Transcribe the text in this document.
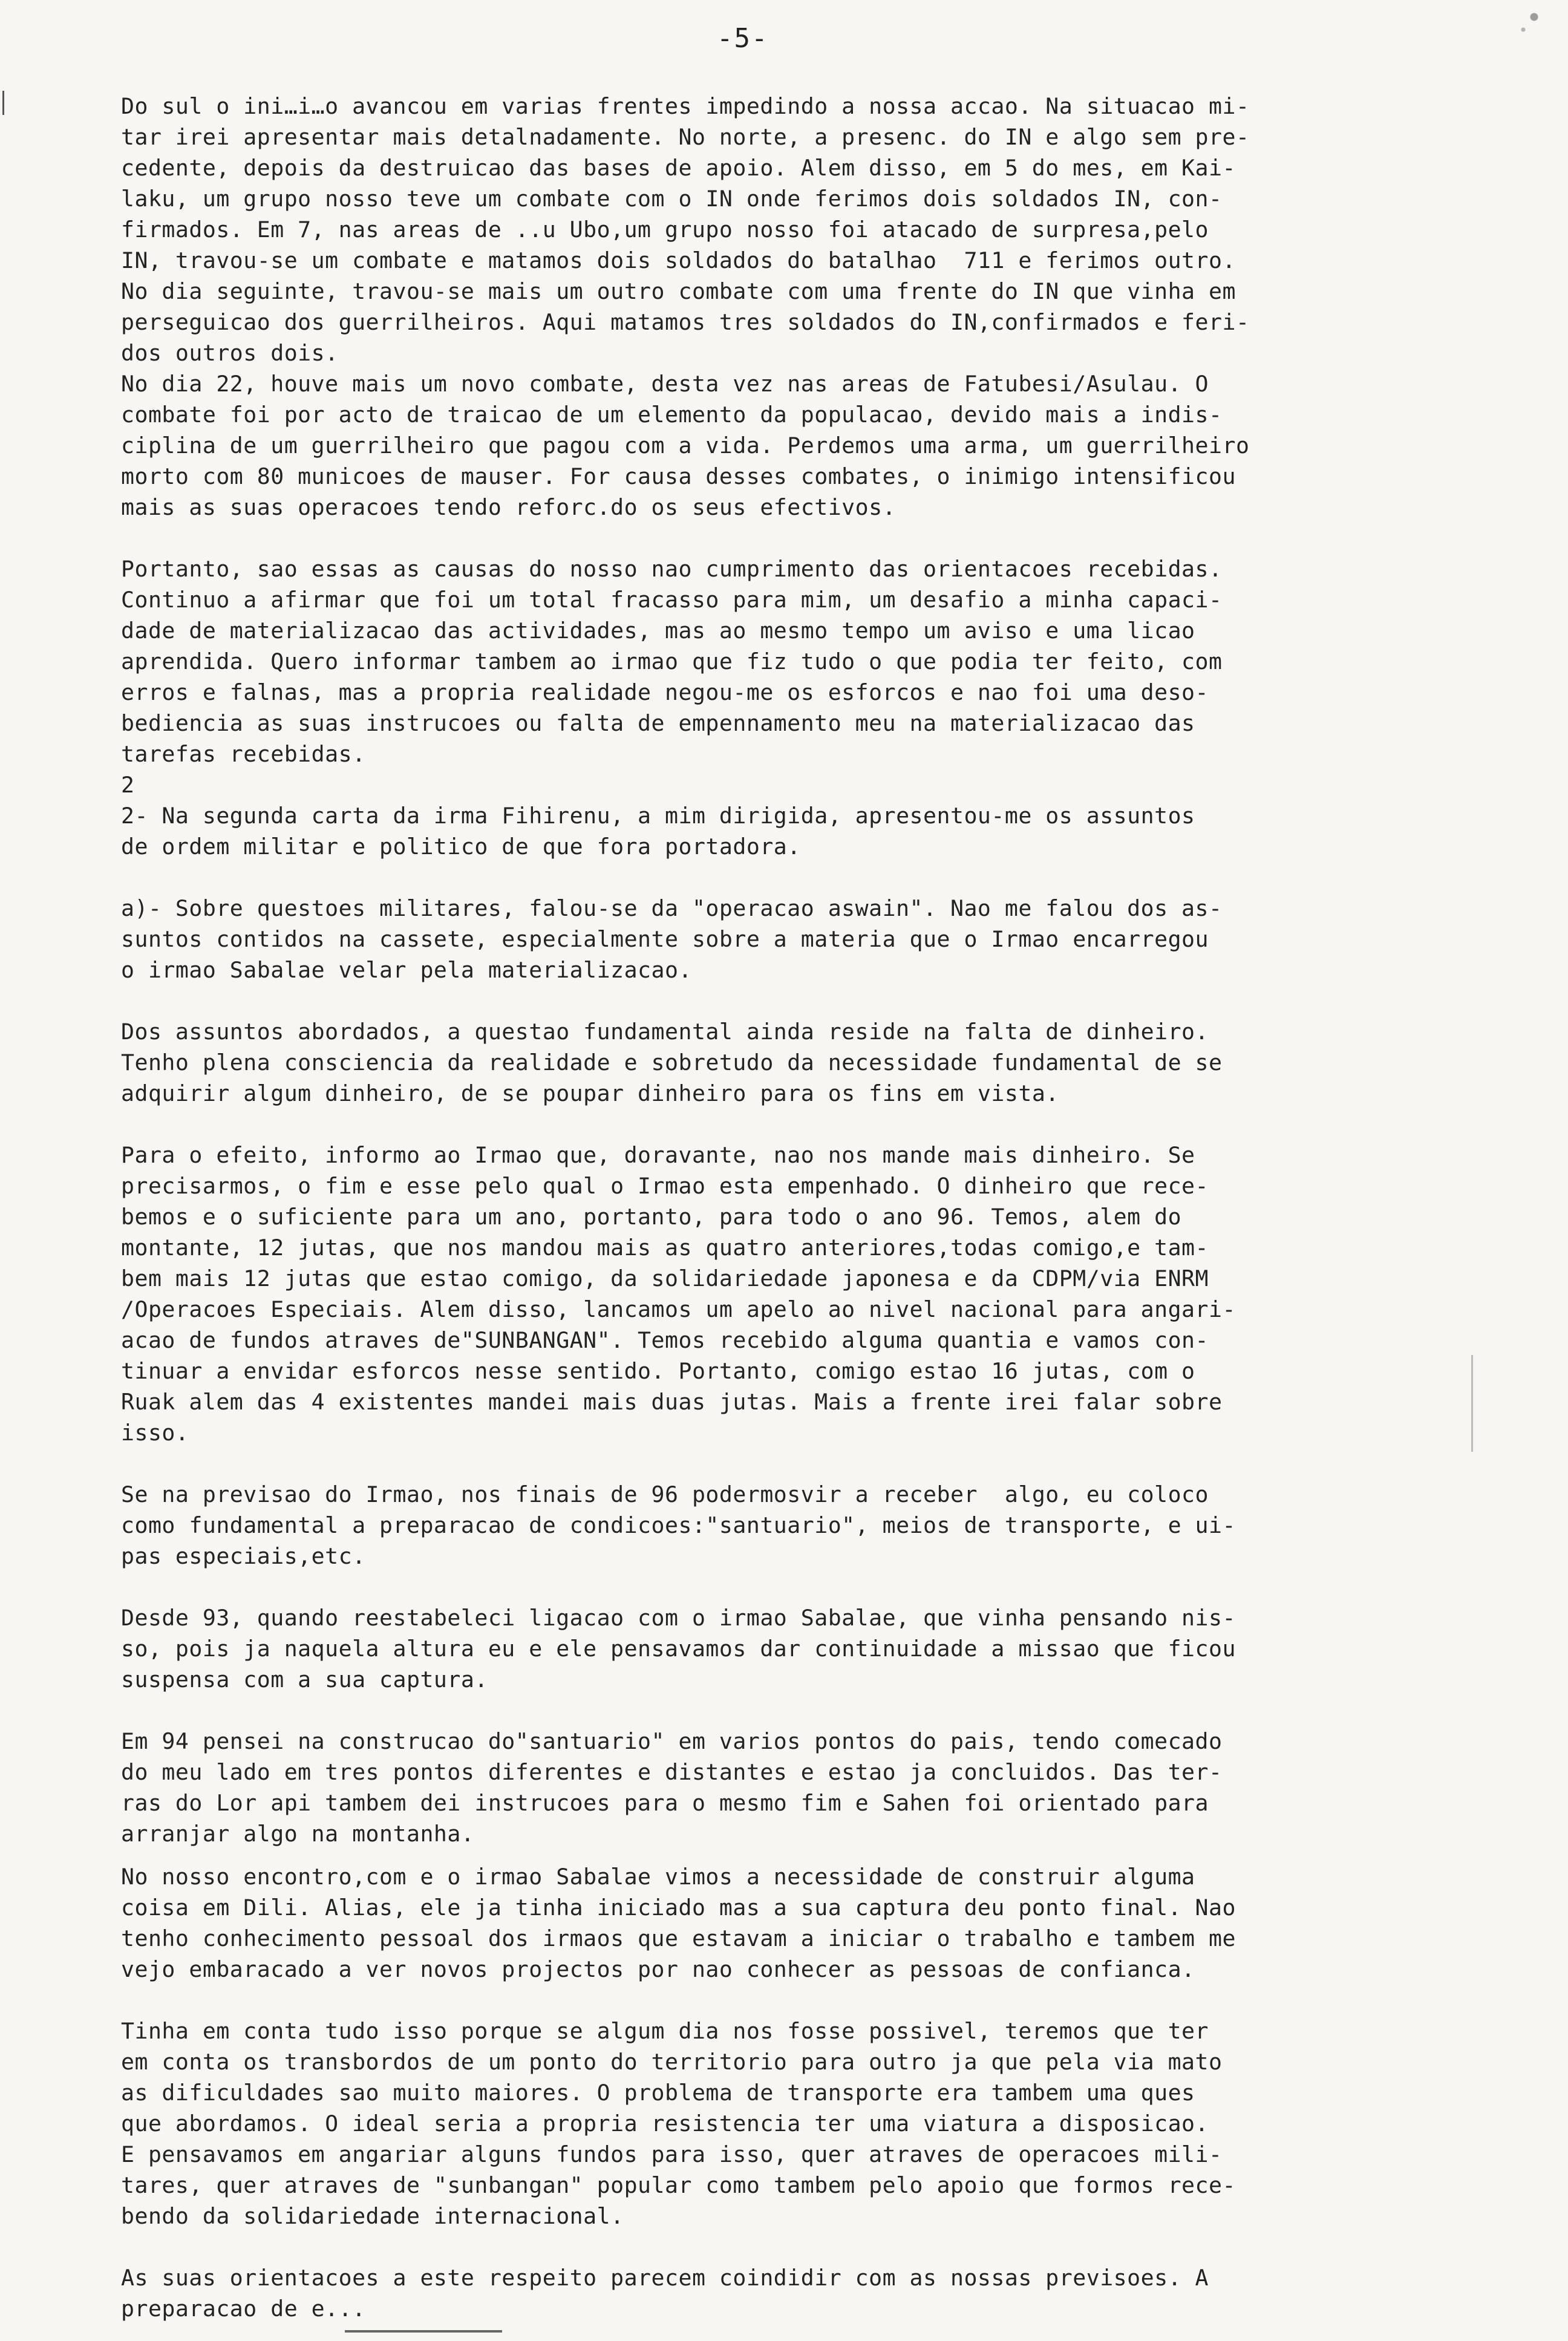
-5-

Do sul o ini…i…o avancou em varias frentes impedindo a nossa accao. Na situacao mi-
tar irei apresentar mais detalnadamente. No norte, a presenc. do IN e algo sem pre-
cedente, depois da destruicao das bases de apoio. Alem disso, em 5 do mes, em Kai-
laku, um grupo nosso teve um combate com o IN onde ferimos dois soldados IN, con-
firmados. Em 7, nas areas de ..u Ubo,um grupo nosso foi atacado de surpresa,pelo
IN, travou-se um combate e matamos dois soldados do batalhao  711 e ferimos outro.
No dia seguinte, travou-se mais um outro combate com uma frente do IN que vinha em
perseguicao dos guerrilheiros. Aqui matamos tres soldados do IN,confirmados e feri-
dos outros dois.
No dia 22, houve mais um novo combate, desta vez nas areas de Fatubesi/Asulau. O
combate foi por acto de traicao de um elemento da populacao, devido mais a indis-
ciplina de um guerrilheiro que pagou com a vida. Perdemos uma arma, um guerrilheiro
morto com 80 municoes de mauser. For causa desses combates, o inimigo intensificou
mais as suas operacoes tendo reforc.do os seus efectivos.

Portanto, sao essas as causas do nosso nao cumprimento das orientacoes recebidas.
Continuo a afirmar que foi um total fracasso para mim, um desafio a minha capaci-
dade de materializacao das actividades, mas ao mesmo tempo um aviso e uma licao
aprendida. Quero informar tambem ao irmao que fiz tudo o que podia ter feito, com
erros e falnas, mas a propria realidade negou-me os esforcos e nao foi uma deso-
bediencia as suas instrucoes ou falta de empennamento meu na materializacao das
tarefas recebidas.
2
2- Na segunda carta da irma Fihirenu, a mim dirigida, apresentou-me os assuntos
de ordem militar e politico de que fora portadora.

a)- Sobre questoes militares, falou-se da "operacao aswain". Nao me falou dos as-
suntos contidos na cassete, especialmente sobre a materia que o Irmao encarregou
o irmao Sabalae velar pela materializacao.

Dos assuntos abordados, a questao fundamental ainda reside na falta de dinheiro.
Tenho plena consciencia da realidade e sobretudo da necessidade fundamental de se
adquirir algum dinheiro, de se poupar dinheiro para os fins em vista.

Para o efeito, informo ao Irmao que, doravante, nao nos mande mais dinheiro. Se
precisarmos, o fim e esse pelo qual o Irmao esta empenhado. O dinheiro que rece-
bemos e o suficiente para um ano, portanto, para todo o ano 96. Temos, alem do
montante, 12 jutas, que nos mandou mais as quatro anteriores,todas comigo,e tam-
bem mais 12 jutas que estao comigo, da solidariedade japonesa e da CDPM/via ENRM
/Operacoes Especiais. Alem disso, lancamos um apelo ao nivel nacional para angari-
acao de fundos atraves de"SUNBANGAN". Temos recebido alguma quantia e vamos con-
tinuar a envidar esforcos nesse sentido. Portanto, comigo estao 16 jutas, com o
Ruak alem das 4 existentes mandei mais duas jutas. Mais a frente irei falar sobre
isso.

Se na previsao do Irmao, nos finais de 96 podermosvir a receber  algo, eu coloco
como fundamental a preparacao de condicoes:"santuario", meios de transporte, e ui-
pas especiais,etc.

Desde 93, quando reestabeleci ligacao com o irmao Sabalae, que vinha pensando nis-
so, pois ja naquela altura eu e ele pensavamos dar continuidade a missao que ficou
suspensa com a sua captura.

Em 94 pensei na construcao do"santuario" em varios pontos do pais, tendo comecado
do meu lado em tres pontos diferentes e distantes e estao ja concluidos. Das ter-
ras do Lor api tambem dei instrucoes para o mesmo fim e Sahen foi orientado para
arranjar algo na montanha.

No nosso encontro,com e o irmao Sabalae vimos a necessidade de construir alguma
coisa em Dili. Alias, ele ja tinha iniciado mas a sua captura deu ponto final. Nao
tenho conhecimento pessoal dos irmaos que estavam a iniciar o trabalho e tambem me
vejo embaracado a ver novos projectos por nao conhecer as pessoas de confianca.

Tinha em conta tudo isso porque se algum dia nos fosse possivel, teremos que ter
em conta os transbordos de um ponto do territorio para outro ja que pela via mato
as dificuldades sao muito maiores. O problema de transporte era tambem uma ques
que abordamos. O ideal seria a propria resistencia ter uma viatura a disposicao.
E pensavamos em angariar alguns fundos para isso, quer atraves de operacoes mili-
tares, quer atraves de "sunbangan" popular como tambem pelo apoio que formos rece-
bendo da solidariedade internacional.

As suas orientacoes a este respeito parecem coindidir com as nossas previsoes. A
preparacao de e...
